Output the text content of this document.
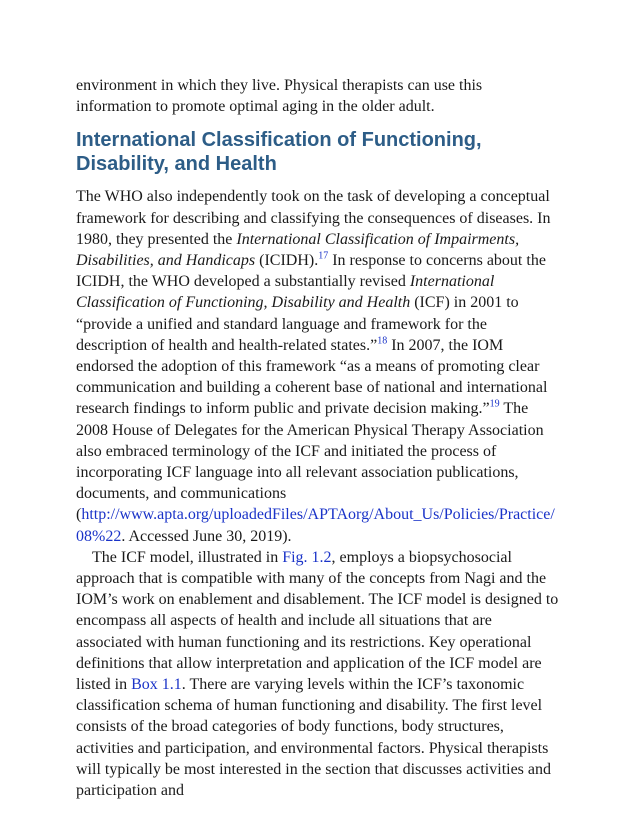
environment in which they live. Physical therapists can use this information to promote optimal aging in the older adult.

International Classification of Functioning, Disability, and Health

The WHO also independently took on the task of developing a conceptual framework for describing and classifying the consequences of diseases. In 1980, they presented the International Classification of Impairments, Disabilities, and Handicaps (ICIDH).$^{17}$ In response to concerns about the ICIDH, the WHO developed a substantially revised International Classification of Functioning, Disability and Health (ICF) in 2001 to “provide a unified and standard language and framework for the description of health and health-related states.”$^{18}$ In 2007, the IOM endorsed the adoption of this framework “as a means of promoting clear communication and building a coherent base of national and international research findings to inform public and private decision making.”$^{19}$ The 2008 House of Delegates for the American Physical Therapy Association also embraced terminology of the ICF and initiated the process of incorporating ICF language into all relevant association publications, documents, and communications
(http://www.apta.org/uploadedFiles/APTAorg/About_Us/Policies/Practice/
08%22. Accessed June 30, 2019).

The ICF model, illustrated in Fig. 1.2, employs a biopsychosocial approach that is compatible with many of the concepts from Nagi and the IOM’s work on enablement and disablement. The ICF model is designed to encompass all aspects of health and include all situations that are associated with human functioning and its restrictions. Key operational definitions that allow interpretation and application of the ICF model are listed in Box 1.1. There are varying levels within the ICF’s taxonomic classification schema of human functioning and disability. The first level consists of the broad categories of body functions, body structures, activities and participation, and environmental factors. Physical therapists will typically be most interested in the section that discusses activities and participation and
